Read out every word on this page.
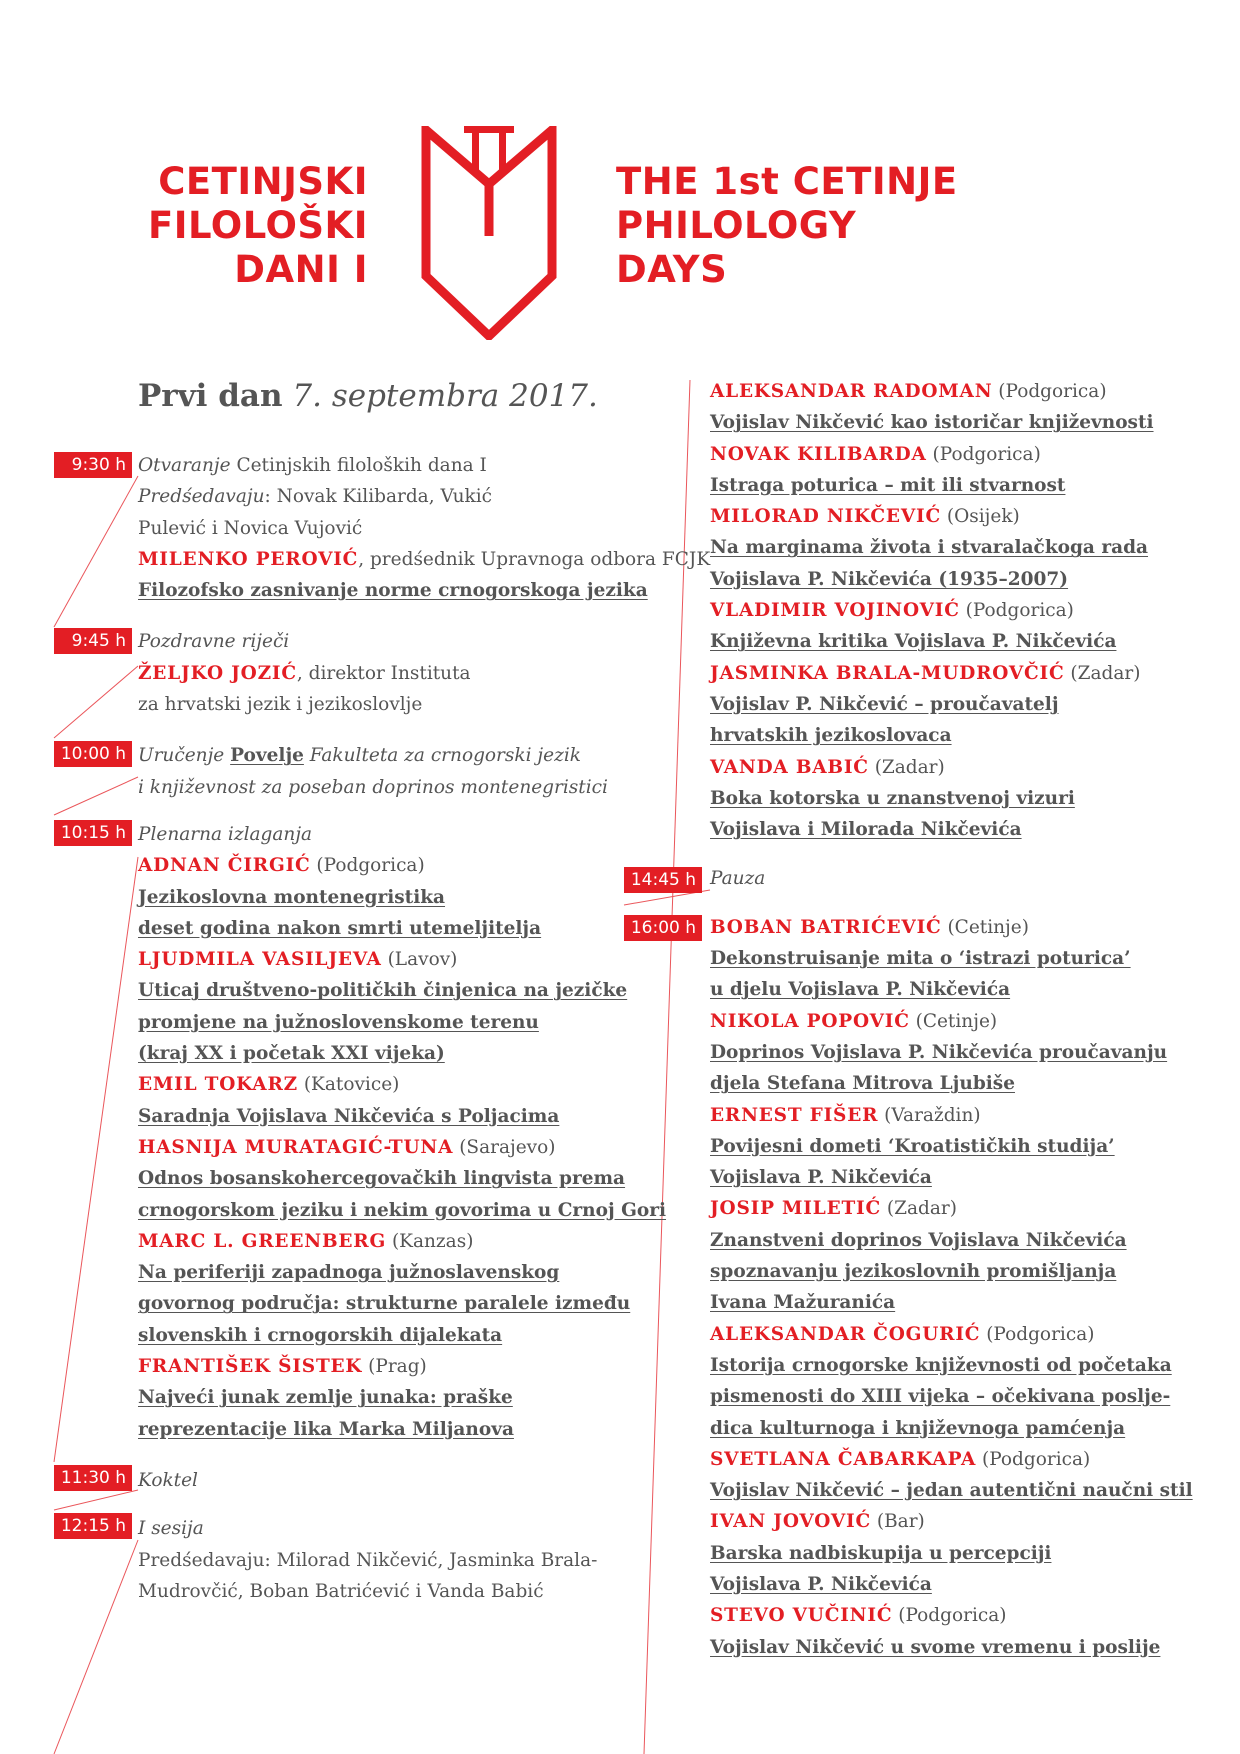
CETINJSKI
FILOLOŠKI
DANI I
THE 1st CETINJE
PHILOLOGY
DAYS
Prvi dan 7. septembra 2017.
9:30 h
9:45 h
10:00 h
10:15 h
11:30 h
12:15 h
14:45 h
16:00 h
Otvaranje Cetinjskih filoloških dana I
Predśedavaju: Novak Kilibarda, Vukić
Pulević i Novica Vujović
MILENKO PEROVIĆ, predśednik Upravnoga odbora FCJK
Filozofsko zasnivanje norme crnogorskoga jezika
Pozdravne riječi
ŽELJKO JOZIĆ, direktor Instituta
za hrvatski jezik i jezikoslovlje
Uručenje Povelje Fakulteta za crnogorski jezik
i književnost za poseban doprinos montenegristici
Plenarna izlaganja
ADNAN ČIRGIĆ (Podgorica)
Jezikoslovna montenegristika
deset godina nakon smrti utemeljitelja
LJUDMILA VASILJEVA (Lavov)
Uticaj društveno-političkih činjenica na jezičke
promjene na južnoslovenskome terenu
(kraj XX i početak XXI vijeka)
EMIL TOKARZ (Katovice)
Saradnja Vojislava Nikčevića s Poljacima
HASNIJA MURATAGIĆ-TUNA (Sarajevo)
Odnos bosanskohercegovačkih lingvista prema
crnogorskom jeziku i nekim govorima u Crnoj Gori
MARC L. GREENBERG (Kanzas)
Na periferiji zapadnoga južnoslavenskog
govornog područja: strukturne paralele između
slovenskih i crnogorskih dijalekata
FRANTIŠEK ŠISTEK (Prag)
Najveći junak zemlje junaka: praške
reprezentacije lika Marka Miljanova
Koktel
I sesija
Predśedavaju: Milorad Nikčević, Jasminka Brala-
Mudrovčić, Boban Batrićević i Vanda Babić
ALEKSANDAR RADOMAN (Podgorica)
Vojislav Nikčević kao istoričar književnosti
NOVAK KILIBARDA (Podgorica)
Istraga poturica – mit ili stvarnost
MILORAD NIKČEVIĆ (Osijek)
Na marginama života i stvaralačkoga rada
Vojislava P. Nikčevića (1935–2007)
VLADIMIR VOJINOVIĆ (Podgorica)
Književna kritika Vojislava P. Nikčevića
JASMINKA BRALA-MUDROVČIĆ (Zadar)
Vojislav P. Nikčević – proučavatelj
hrvatskih jezikoslovaca
VANDA BABIĆ (Zadar)
Boka kotorska u znanstvenoj vizuri
Vojislava i Milorada Nikčevića
Pauza
BOBAN BATRIĆEVIĆ (Cetinje)
Dekonstruisanje mita o ‘istrazi poturica’
u djelu Vojislava P. Nikčevića
NIKOLA POPOVIĆ (Cetinje)
Doprinos Vojislava P. Nikčevića proučavanju
djela Stefana Mitrova Ljubiše
ERNEST FIŠER (Varaždin)
Povijesni dometi ‘Kroatističkih studija’
Vojislava P. Nikčevića
JOSIP MILETIĆ (Zadar)
Znanstveni doprinos Vojislava Nikčevića
spoznavanju jezikoslovnih promišljanja
Ivana Mažuranića
ALEKSANDAR ČOGURIĆ (Podgorica)
Istorija crnogorske književnosti od početaka
pismenosti do XIII vijeka – očekivana poslje-
dica kulturnoga i književnoga pamćenja
SVETLANA ČABARKAPA (Podgorica)
Vojislav Nikčević – jedan autentični naučni stil
IVAN JOVOVIĆ (Bar)
Barska nadbiskupija u percepciji
Vojislava P. Nikčevića
STEVO VUČINIĆ (Podgorica)
Vojislav Nikčević u svome vremenu i poslije
